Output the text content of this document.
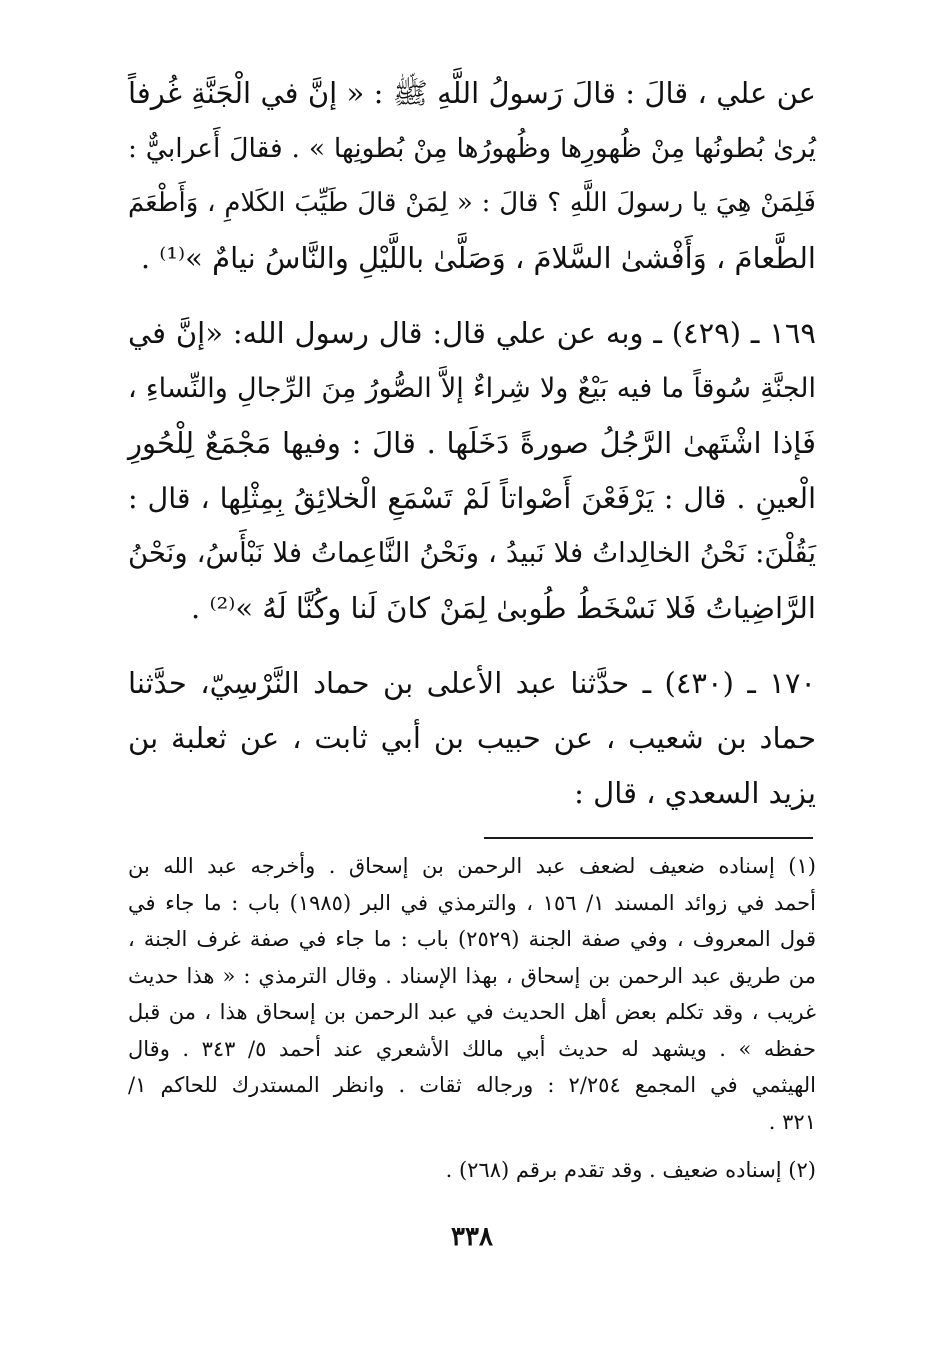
عن علي ، قالَ : قالَ رَسولُ اللَّهِ ﷺ : « إنَّ في الْجَنَّةِ غُرفاً
يُرىٰ بُطونُها مِنْ ظُهورِها وظُهورُها مِنْ بُطونِها » . فقالَ أَعرابيٌّ :
فَلِمَنْ هِيَ يا رسولَ اللَّهِ ؟ قالَ : « لِمَنْ قالَ طَيِّبَ الكَلامِ ، وَأَطْعَمَ
الطَّعامَ ، وَأَفْشىٰ السَّلامَ ، وَصَلَّىٰ باللَّيْلِ والنَّاسُ نيامٌ »⁽¹⁾ .

١٦٩ ـ (٤٢٩) ـ وبه عن علي قال: قال رسول الله: «إنَّ في
الجنَّةِ سُوقاً ما فيه بَيْعٌ ولا شِراءٌ إلاَّ الصُّورُ مِنَ الرِّجالِ والنِّساءِ ،
فَإذا اشْتَهىٰ الرَّجُلُ صورةً دَخَلَها . قالَ : وفيها مَجْمَعٌ لِلْحُورِ
الْعينِ . قال : يَرْفَعْنَ أَصْواتاً لَمْ تَسْمَعِ الْخلائِقُ بِمِثْلِها ، قال :
يَقُلْنَ: نَحْنُ الخالِداتُ فلا نَبيدُ ، ونَحْنُ النَّاعِماتُ فلا نَبْأَسُ، ونَحْنُ
الرَّاضِياتُ فَلا نَسْخَطُ طُوبىٰ لِمَنْ كانَ لَنا وكُنَّا لَهُ »⁽²⁾ .

١٧٠ ـ (٤٣٠) ـ حدَّثنا عبد الأعلى بن حماد النَّرْسِيّ، حدَّثنا
حماد بن شعيب ، عن حبيب بن أبي ثابت ، عن ثعلبة بن
يزيد السعدي ، قال :

(١) إسناده ضعيف لضعف عبد الرحمن بن إسحاق . وأخرجه عبد الله بن
أحمد في زوائد المسند ١/ ١٥٦ ، والترمذي في البر (١٩٨٥) باب : ما جاء في
قول المعروف ، وفي صفة الجنة (٢٥٢٩) باب : ما جاء في صفة غرف الجنة ،
من طريق عبد الرحمن بن إسحاق ، بهذا الإسناد . وقال الترمذي : « هذا حديث
غريب ، وقد تكلم بعض أهل الحديث في عبد الرحمن بن إسحاق هذا ، من قبل
حفظه » . ويشهد له حديث أبي مالك الأشعري عند أحمد ٥/ ٣٤٣ . وقال
الهيثمي في المجمع ٢/٢٥٤ : ورجاله ثقات . وانظر المستدرك للحاكم ١/
٣٢١ .
(٢) إسناده ضعيف . وقد تقدم برقم (٢٦٨) .
٣٣٨
